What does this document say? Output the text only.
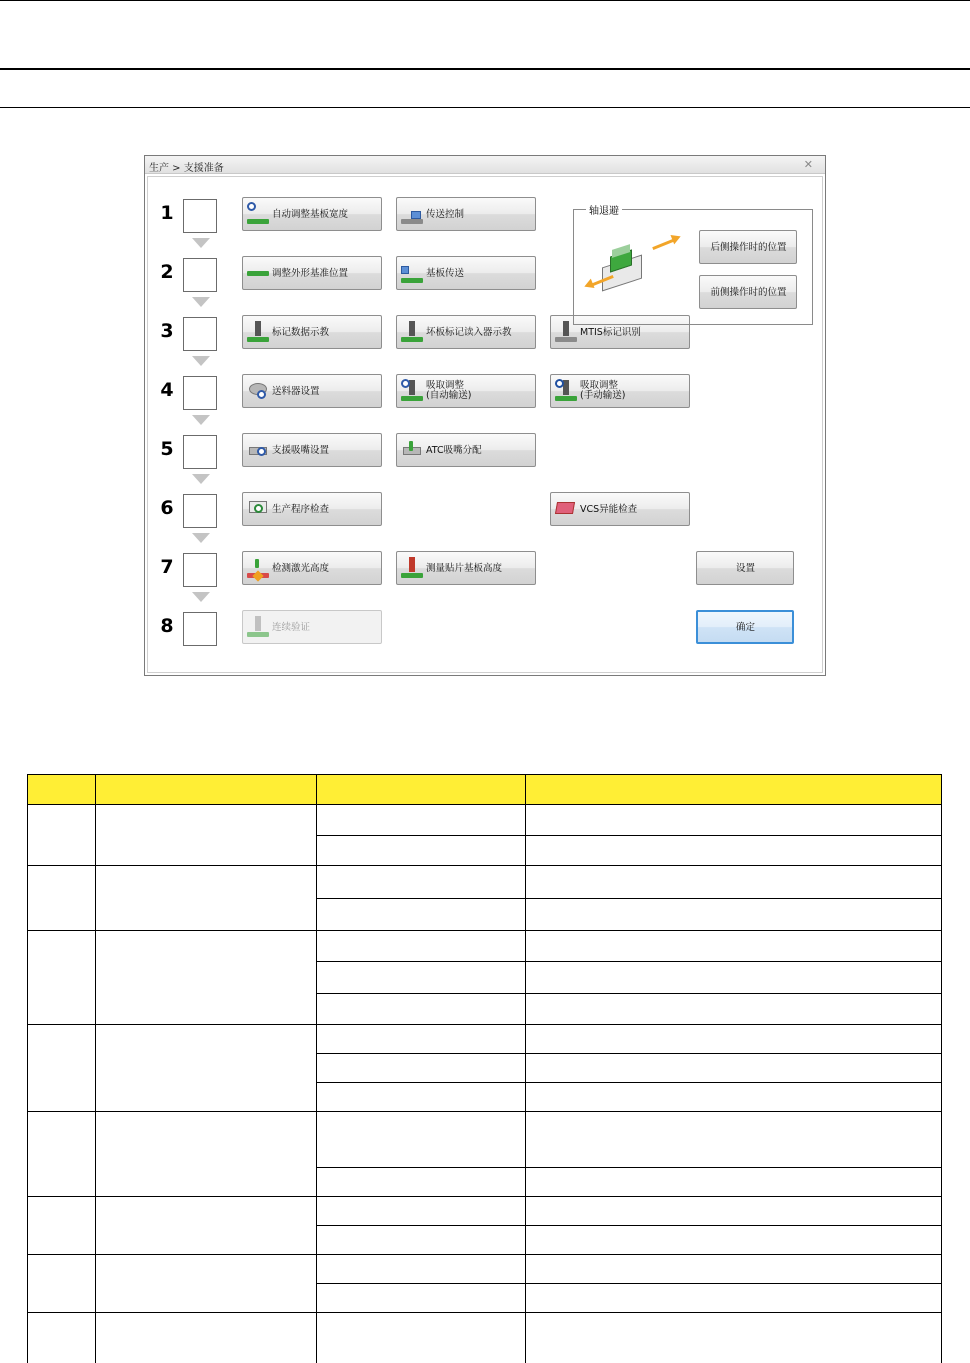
生产 > 支援准备	✕
1
2
3
4
5
6
7
8
自动调整基板宽度	传送控制
调整外形基准位置	基板传送
标记数据示教	坏板标记读入器示教	MTIS标记识别
送料器设置	吸取调整
(自动输送)
吸取调整
(手动输送)
支援吸嘴设置	ATC吸嘴分配
生产程序检查	VCS异能检查
检测激光高度	测量贴片基板高度	设置
连续验证	确定
轴退避
后侧操作时的位置
前侧操作时的位置
